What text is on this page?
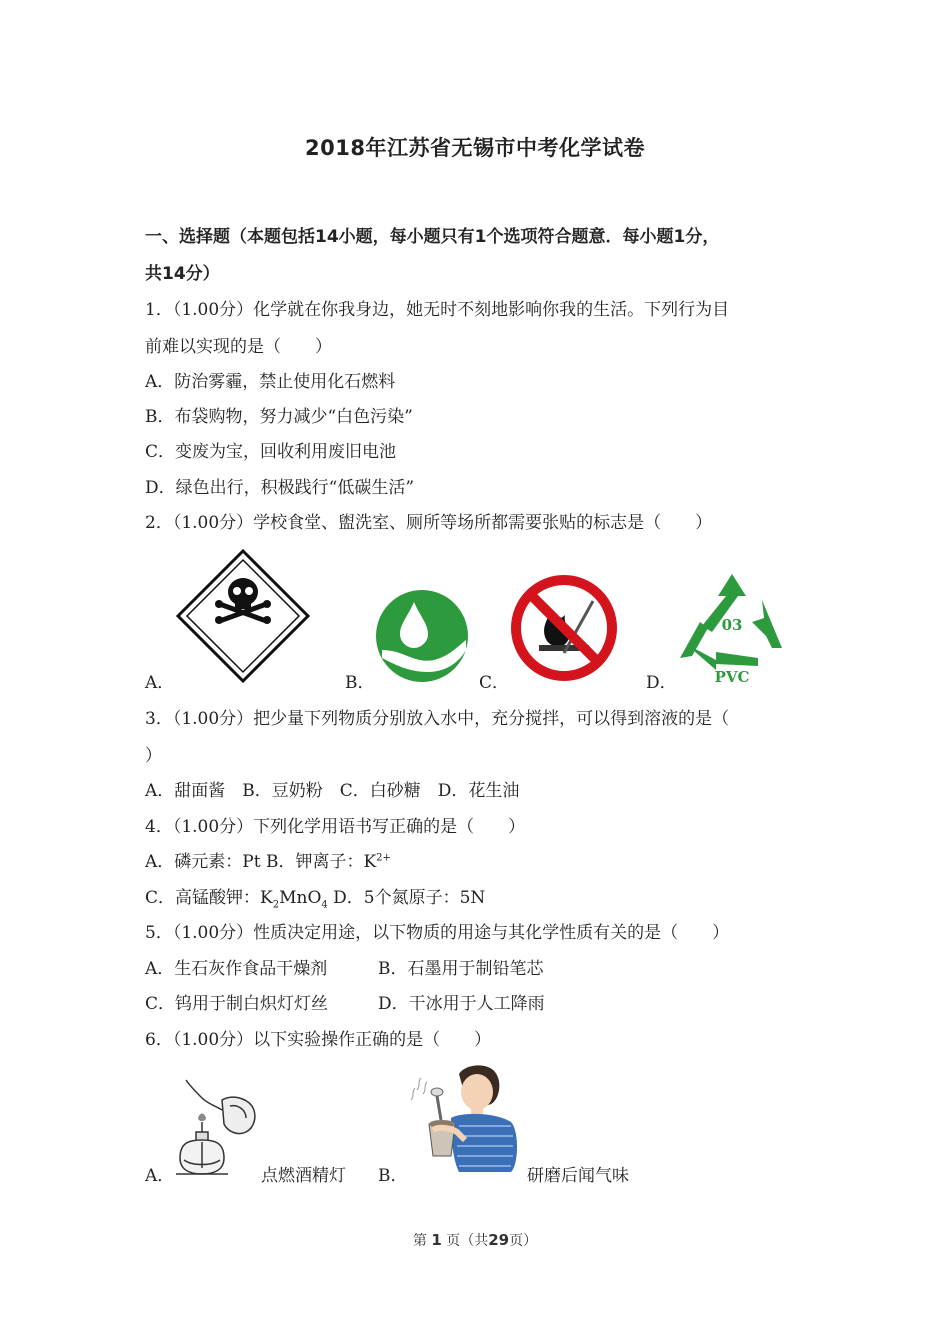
2018年江苏省无锡市中考化学试卷
一、选择题（本题包括14小题，每小题只有1个选项符合题意．每小题1分，
共14分）
1．（1.00分）化学就在你我身边，她无时不刻地影响你我的生活。下列行为目
前难以实现的是（　　）
A．防治雾霾，禁止使用化石燃料
B．布袋购物，努力减少“白色污染”
C．变废为宝，回收利用废旧电池
D．绿色出行，积极践行“低碳生活”
2．（1.00分）学校食堂、盥洗室、厕所等场所都需要张贴的标志是（　　）
A．	B．	C．
03
PVC
D．
3．（1.00分）把少量下列物质分别放入水中，充分搅拌，可以得到溶液的是（
）
A．甜面酱　B．豆奶粉　C．白砂糖　D．花生油
4．（1.00分）下列化学用语书写正确的是（　　）
A．磷元素：Pt B．钾离子：$K^{2+}$
C．高锰酸钾：$K_2MnO_4$ D．5个氮原子：5N
5．（1.00分）性质决定用途，以下物质的用途与其化学性质有关的是（　　）
A．生石灰作食品干燥剂	B．石墨用于制铅笔芯
C．钨用于制白炽灯灯丝	D．干冰用于人工降雨
6．（1.00分）以下实验操作正确的是（　　）
A．	点燃酒精灯 B．	研磨后闻气味
第 1 页（共29页）
